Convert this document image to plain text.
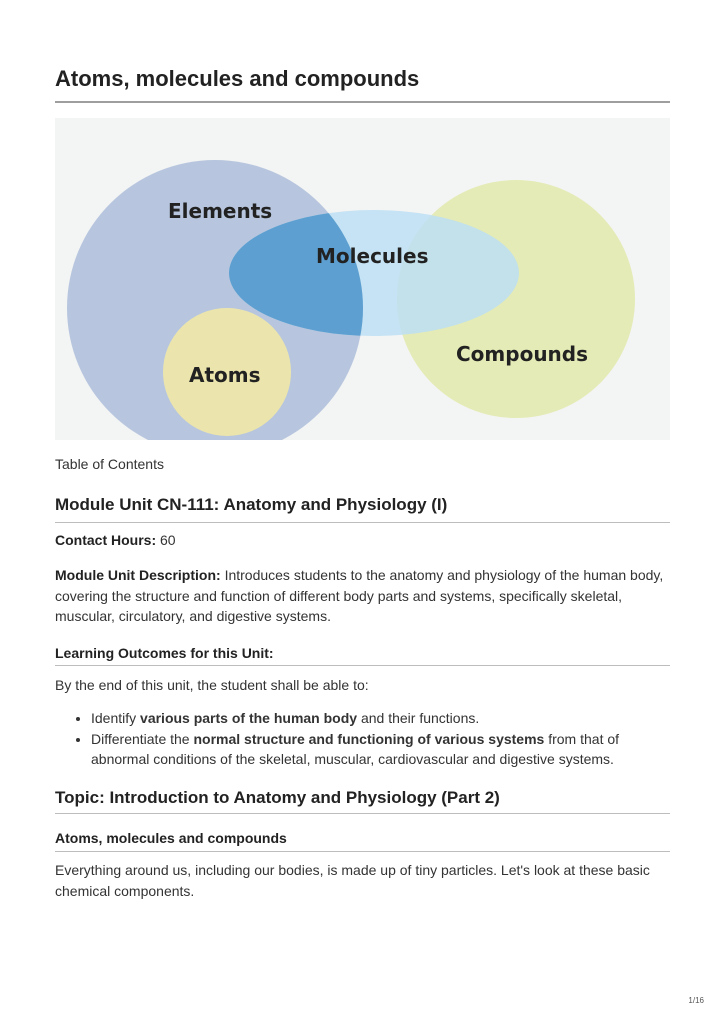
Atoms, molecules and compounds
Elements
Molecules
Atoms
Compounds
Table of Contents
Module Unit CN-111: Anatomy and Physiology (I)
Contact Hours: 60
Module Unit Description: Introduces students to the anatomy and physiology of the human body, covering the structure and function of different body parts and systems, specifically skeletal, muscular, circulatory, and digestive systems.
Learning Outcomes for this Unit:
By the end of this unit, the student shall be able to:
• Identify various parts of the human body and their functions.
• Differentiate the normal structure and functioning of various systems from that of abnormal conditions of the skeletal, muscular, cardiovascular and digestive systems.
Topic: Introduction to Anatomy and Physiology (Part 2)
Atoms, molecules and compounds
Everything around us, including our bodies, is made up of tiny particles. Let's look at these basic chemical components.
1/16
